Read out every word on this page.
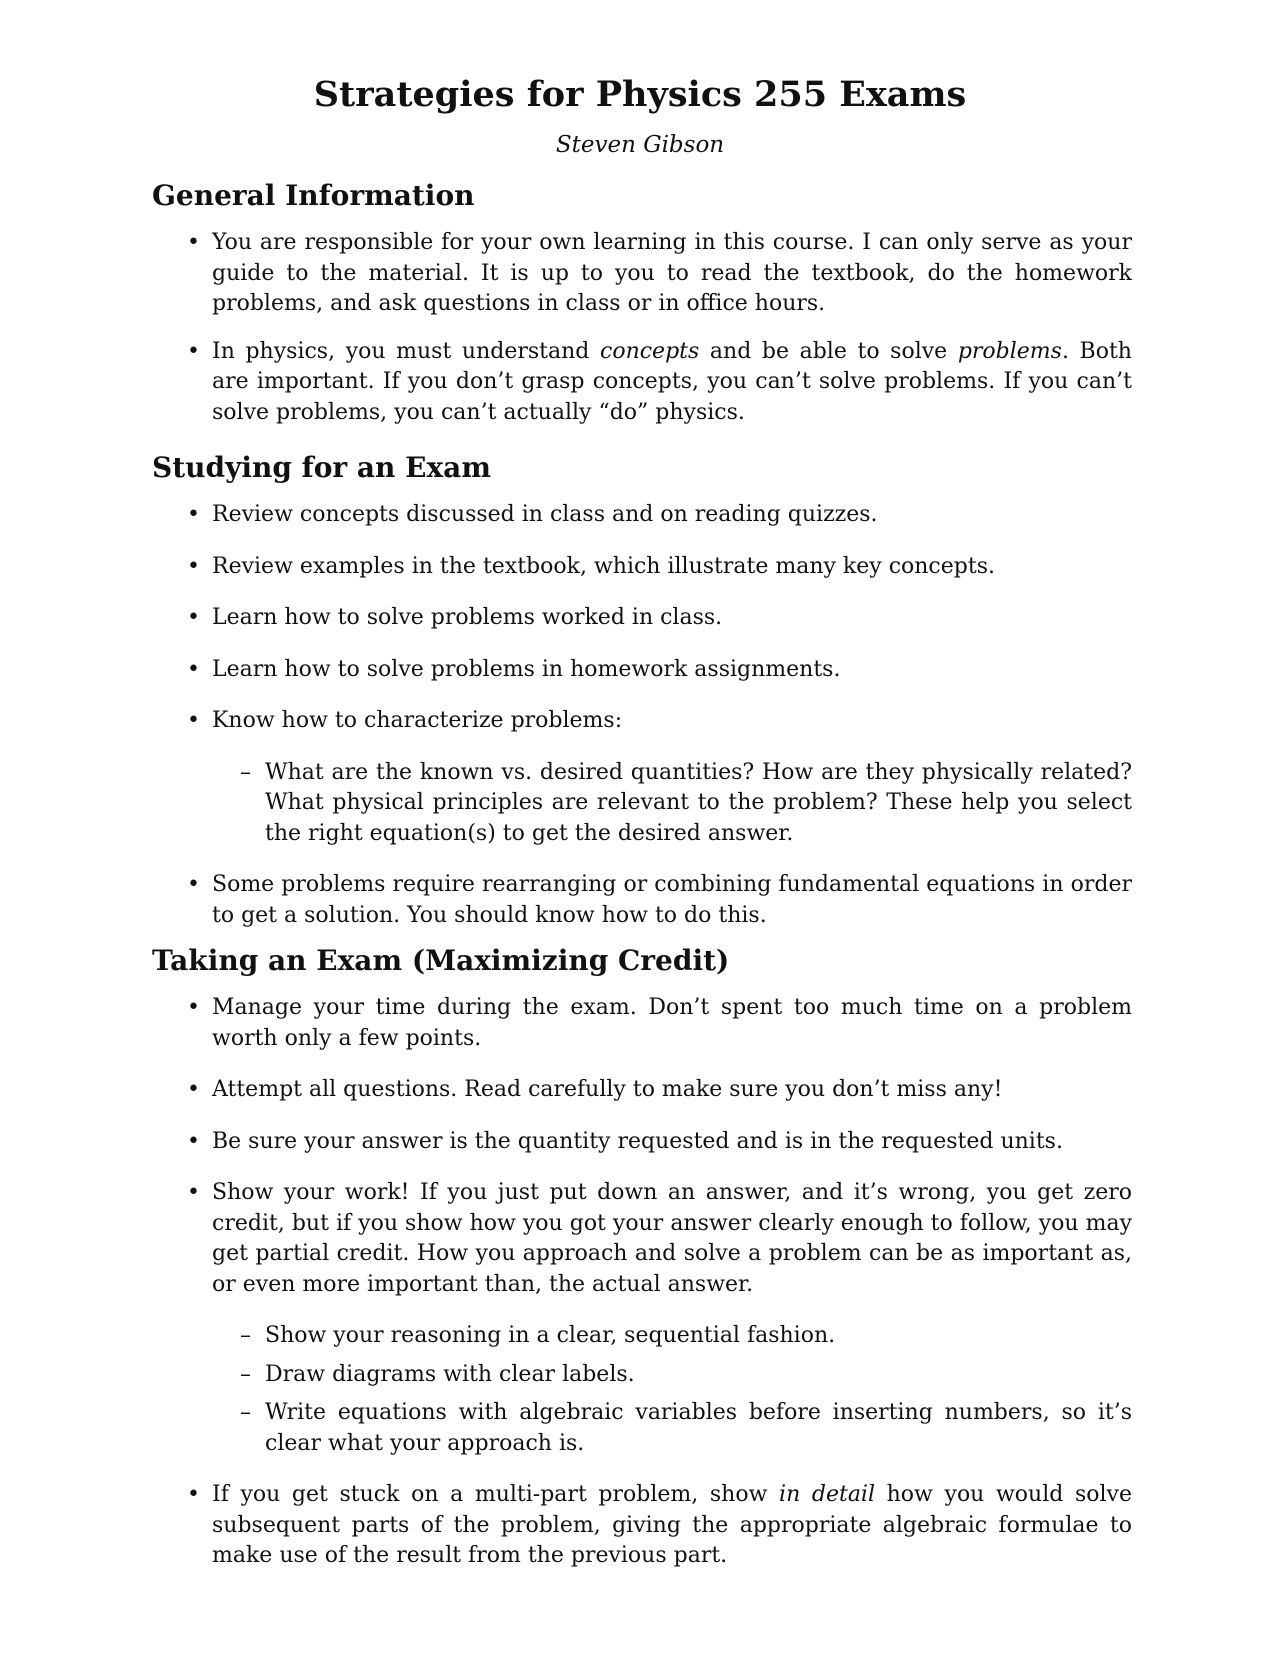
Strategies for Physics 255 Exams

Steven Gibson

General Information
• You are responsible for your own learning in this course. I can only serve as your guide to the material. It is up to you to read the textbook, do the homework problems, and ask questions in class or in office hours.
• In physics, you must understand concepts and be able to solve problems. Both are important. If you don’t grasp concepts, you can’t solve problems. If you can’t solve problems, you can’t actually “do” physics.
Studying for an Exam
• Review concepts discussed in class and on reading quizzes.
• Review examples in the textbook, which illustrate many key concepts.
• Learn how to solve problems worked in class.
• Learn how to solve problems in homework assignments.
• Know how to characterize problems:
– What are the known vs. desired quantities? How are they physically related? What physical principles are relevant to the problem? These help you select the right equation(s) to get the desired answer.
• Some problems require rearranging or combining fundamental equations in order to get a solution. You should know how to do this.
Taking an Exam (Maximizing Credit)
• Manage your time during the exam. Don’t spent too much time on a problem worth only a few points.
• Attempt all questions. Read carefully to make sure you don’t miss any!
• Be sure your answer is the quantity requested and is in the requested units.
• Show your work! If you just put down an answer, and it’s wrong, you get zero credit, but if you show how you got your answer clearly enough to follow, you may get partial credit. How you approach and solve a problem can be as important as, or even more important than, the actual answer.
– Show your reasoning in a clear, sequential fashion.
– Draw diagrams with clear labels.
– Write equations with algebraic variables before inserting numbers, so it’s clear what your approach is.
• If you get stuck on a multi-part problem, show in detail how you would solve subsequent parts of the problem, giving the appropriate algebraic formulae to make use of the result from the previous part.
